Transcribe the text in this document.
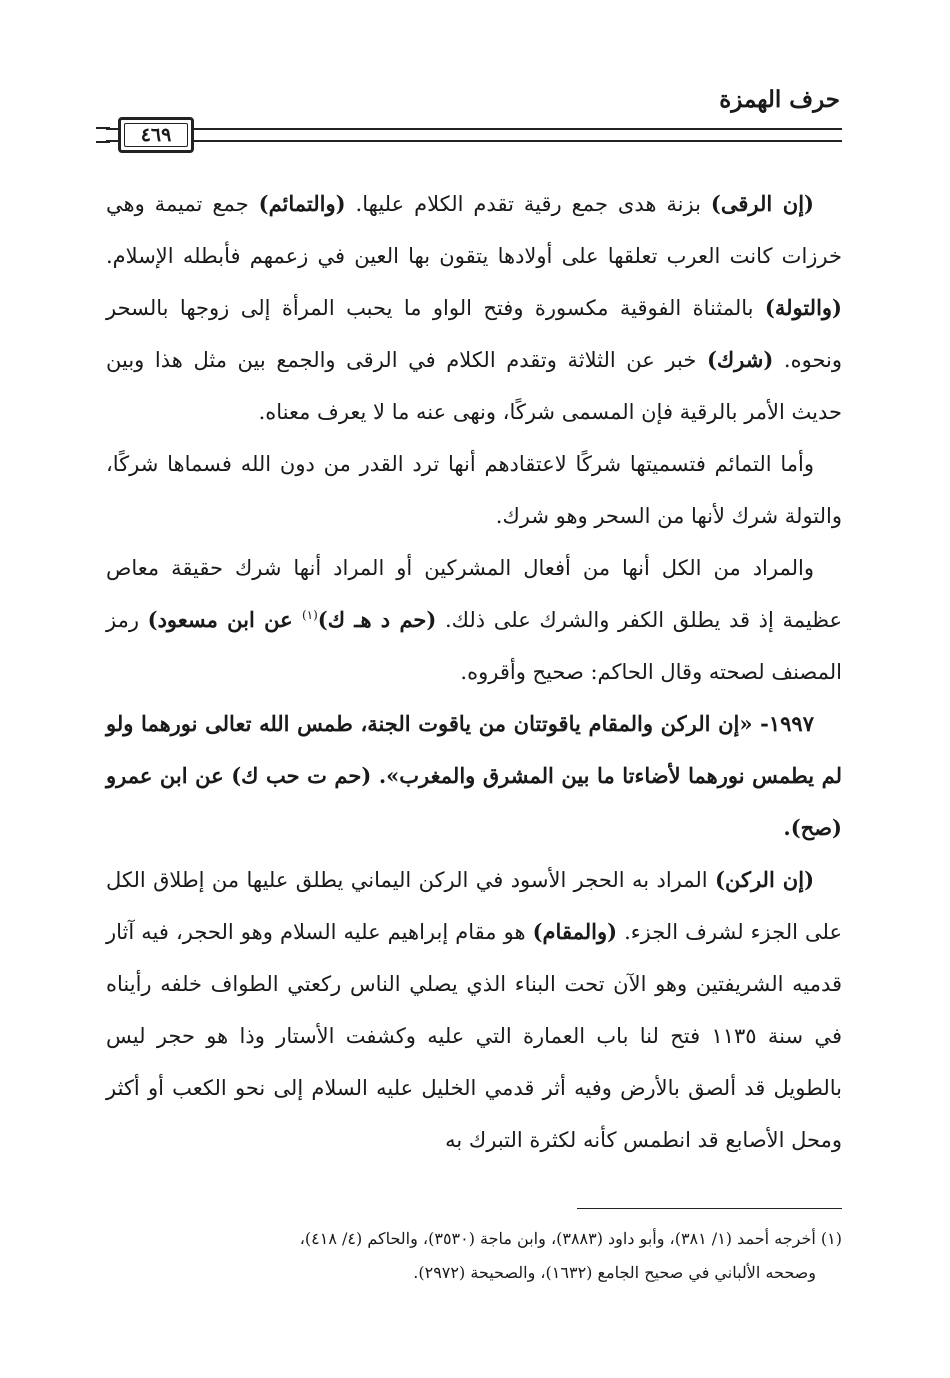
حرف الهمزة
٤٦٩

(إن الرقى) بزنة هدى جمع رقية تقدم الكلام عليها. (والتمائم) جمع تميمة وهي خرزات كانت العرب تعلقها على أولادها يتقون بها العين في زعمهم فأبطله الإسلام. (والتولة) بالمثناة الفوقية مكسورة وفتح الواو ما يحبب المرأة إلى زوجها بالسحر ونحوه. (شرك) خبر عن الثلاثة وتقدم الكلام في الرقى والجمع بين مثل هذا وبين حديث الأمر بالرقية فإن المسمى شركًا، ونهى عنه ما لا يعرف معناه.

وأما التمائم فتسميتها شركًا لاعتقادهم أنها ترد القدر من دون الله فسماها شركًا، والتولة شرك لأنها من السحر وهو شرك.

والمراد من الكل أنها من أفعال المشركين أو المراد أنها شرك حقيقة معاص عظيمة إذ قد يطلق الكفر والشرك على ذلك. (حم د هـ ك)$^{(١)}$ عن ابن مسعود) رمز المصنف لصحته وقال الحاكم: صحيح وأقروه.

١٩٩٧- «إن الركن والمقام ياقوتتان من ياقوت الجنة، طمس الله تعالى نورهما ولو لم يطمس نورهما لأضاءتا ما بين المشرق والمغرب». (حم ت حب ك) عن ابن عمرو (صح).

(إن الركن) المراد به الحجر الأسود في الركن اليماني يطلق عليها من إطلاق الكل على الجزء لشرف الجزء. (والمقام) هو مقام إبراهيم عليه السلام وهو الحجر، فيه آثار قدميه الشريفتين وهو الآن تحت البناء الذي يصلي الناس ركعتي الطواف خلفه رأيناه في سنة ١١٣٥ فتح لنا باب العمارة التي عليه وكشفت الأستار وذا هو حجر ليس بالطويل قد ألصق بالأرض وفيه أثر قدمي الخليل عليه السلام إلى نحو الكعب أو أكثر ومحل الأصابع قد انطمس كأنه لكثرة التبرك به

(١) أخرجه أحمد (١/ ٣٨١)، وأبو داود (٣٨٨٣)، وابن ماجة (٣٥٣٠)، والحاكم (٤/ ٤١٨)،

وصححه الألباني في صحيح الجامع (١٦٣٢)، والصحيحة (٢٩٧٢).
